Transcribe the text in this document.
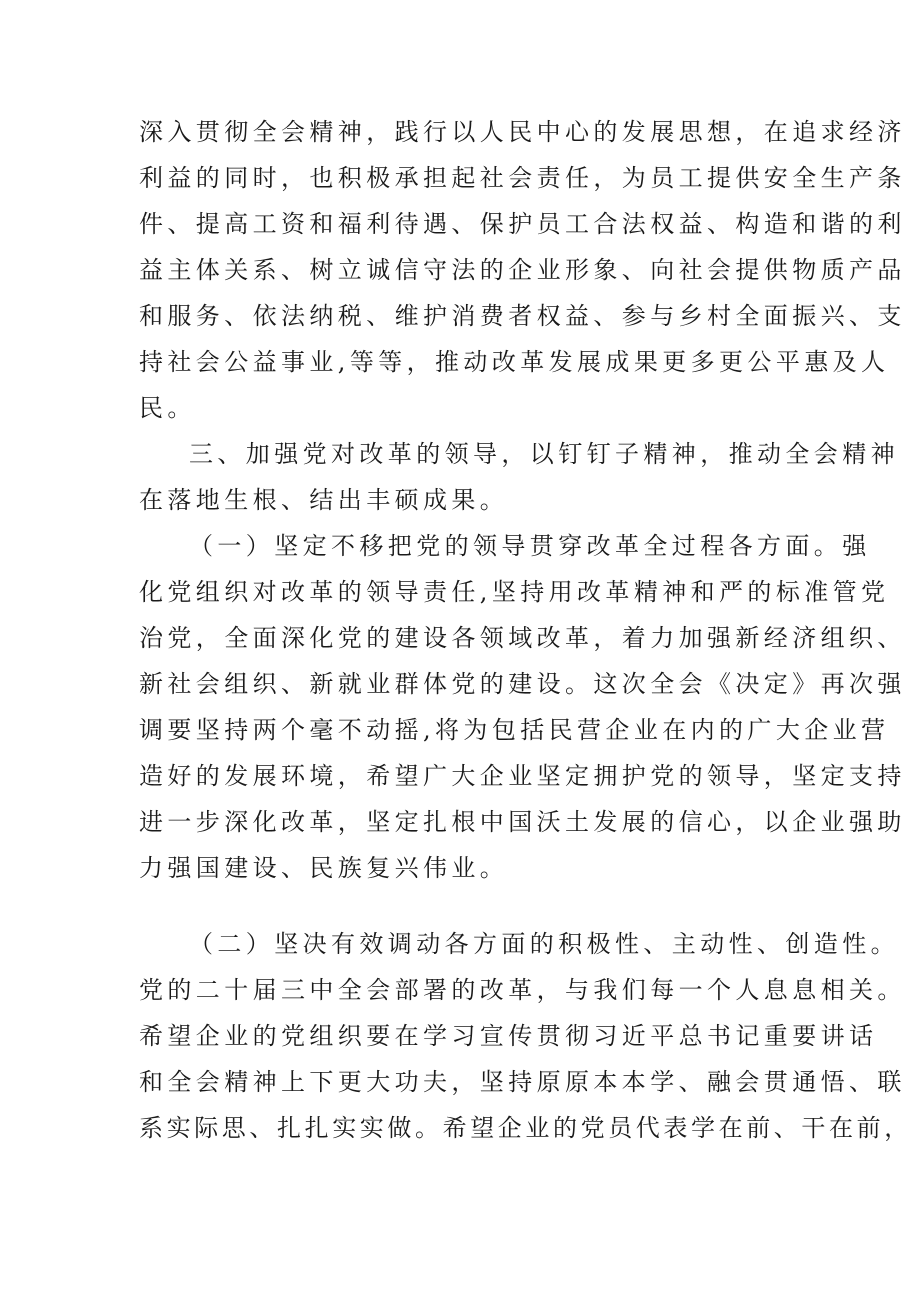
深入贯彻全会精神，践行以人民中心的发展思想，在追求经济
利益的同时，也积极承担起社会责任，为员工提供安全生产条
件、提高工资和福利待遇、保护员工合法权益、构造和谐的利
益主体关系、树立诚信守法的企业形象、向社会提供物质产品
和服务、依法纳税、维护消费者权益、参与乡村全面振兴、支
持社会公益事业,等等，推动改革发展成果更多更公平惠及人
民。
三、加强党对改革的领导，以钉钉子精神，推动全会精神
在落地生根、结出丰硕成果。
（一）坚定不移把党的领导贯穿改革全过程各方面。强
化党组织对改革的领导责任,坚持用改革精神和严的标准管党
治党，全面深化党的建设各领域改革，着力加强新经济组织、
新社会组织、新就业群体党的建设。这次全会《决定》再次强
调要坚持两个毫不动摇,将为包括民营企业在内的广大企业营
造好的发展环境，希望广大企业坚定拥护党的领导，坚定支持
进一步深化改革，坚定扎根中国沃土发展的信心，以企业强助
力强国建设、民族复兴伟业。
（二）坚决有效调动各方面的积极性、主动性、创造性。
党的二十届三中全会部署的改革，与我们每一个人息息相关。
希望企业的党组织要在学习宣传贯彻习近平总书记重要讲话
和全会精神上下更大功夫，坚持原原本本学、融会贯通悟、联
系实际思、扎扎实实做。希望企业的党员代表学在前、干在前，
